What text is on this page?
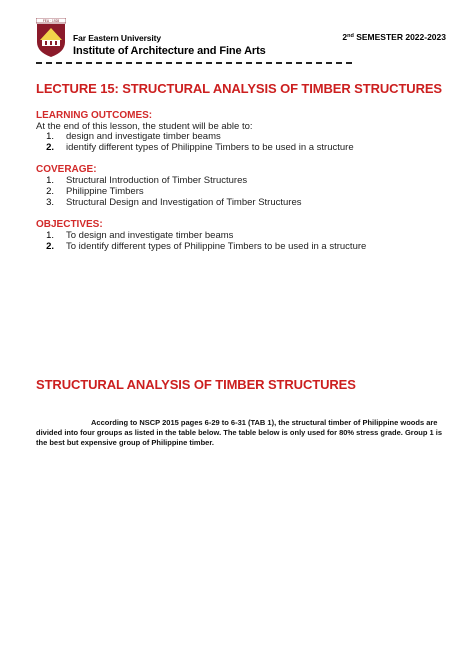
FEU · 1928
Far Eastern University
Institute of Architecture and Fine Arts
2nd SEMESTER 2022-2023
LECTURE 15: STRUCTURAL ANALYSIS OF TIMBER STRUCTURES
LEARNING OUTCOMES:
At the end of this lesson, the student will be able to:
1. design and investigate timber beams
2. identify different types of Philippine Timbers to be used in a structure
COVERAGE:
1. Structural Introduction of Timber Structures
2. Philippine Timbers
3. Structural Design and Investigation of Timber Structures
OBJECTIVES:
1. To design and investigate timber beams
2. To identify different types of Philippine Timbers to be used in a structure
STRUCTURAL ANALYSIS OF TIMBER STRUCTURES
According to NSCP 2015 pages 6-29 to 6-31 (TAB 1), the structural timber of Philippine woods are divided into four groups as listed in the table below. The table below is only used for 80% stress grade. Group 1 is the best but expensive group of Philippine timber.
